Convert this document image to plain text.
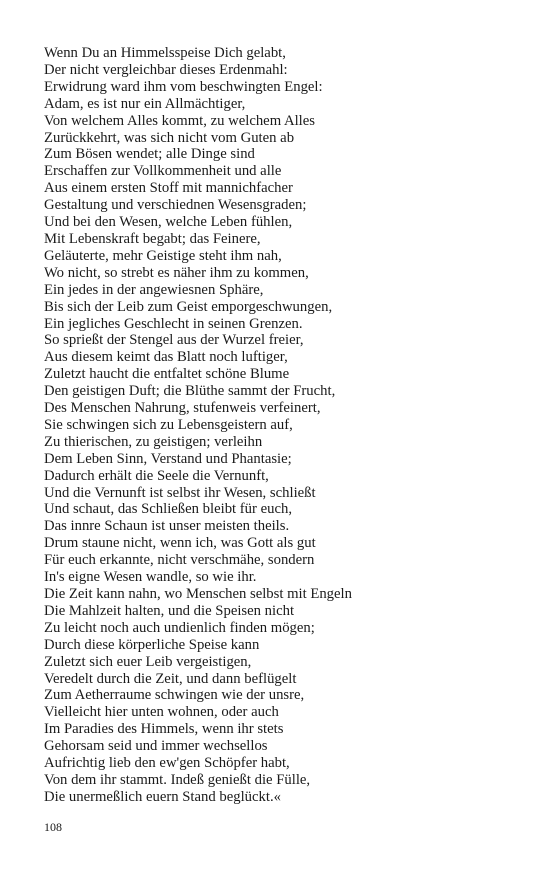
Wenn Du an Himmelsspeise Dich gelabt,
Der nicht vergleichbar dieses Erdenmahl:
Erwidrung ward ihm vom beschwingten Engel:
Adam, es ist nur ein Allmächtiger,
Von welchem Alles kommt, zu welchem Alles
Zurückkehrt, was sich nicht vom Guten ab
Zum Bösen wendet; alle Dinge sind
Erschaffen zur Vollkommenheit und alle
Aus einem ersten Stoff mit mannichfacher
Gestaltung und verschiednen Wesensgraden;
Und bei den Wesen, welche Leben fühlen,
Mit Lebenskraft begabt; das Feinere,
Geläuterte, mehr Geistige steht ihm nah,
Wo nicht, so strebt es näher ihm zu kommen,
Ein jedes in der angewiesnen Sphäre,
Bis sich der Leib zum Geist emporgeschwungen,
Ein jegliches Geschlecht in seinen Grenzen.
So sprießt der Stengel aus der Wurzel freier,
Aus diesem keimt das Blatt noch luftiger,
Zuletzt haucht die entfaltet schöne Blume
Den geistigen Duft; die Blüthe sammt der Frucht,
Des Menschen Nahrung, stufenweis verfeinert,
Sie schwingen sich zu Lebensgeistern auf,
Zu thierischen, zu geistigen; verleihn
Dem Leben Sinn, Verstand und Phantasie;
Dadurch erhält die Seele die Vernunft,
Und die Vernunft ist selbst ihr Wesen, schließt
Und schaut, das Schließen bleibt für euch,
Das innre Schaun ist unser meisten theils.
Drum staune nicht, wenn ich, was Gott als gut
Für euch erkannte, nicht verschmähe, sondern
In's eigne Wesen wandle, so wie ihr.
Die Zeit kann nahn, wo Menschen selbst mit Engeln
Die Mahlzeit halten, und die Speisen nicht
Zu leicht noch auch undienlich finden mögen;
Durch diese körperliche Speise kann
Zuletzt sich euer Leib vergeistigen,
Veredelt durch die Zeit, und dann beflügelt
Zum Aetherraume schwingen wie der unsre,
Vielleicht hier unten wohnen, oder auch
Im Paradies des Himmels, wenn ihr stets
Gehorsam seid und immer wechsellos
Aufrichtig lieb den ew'gen Schöpfer habt,
Von dem ihr stammt. Indeß genießt die Fülle,
Die unermeßlich euern Stand beglückt.«
108
